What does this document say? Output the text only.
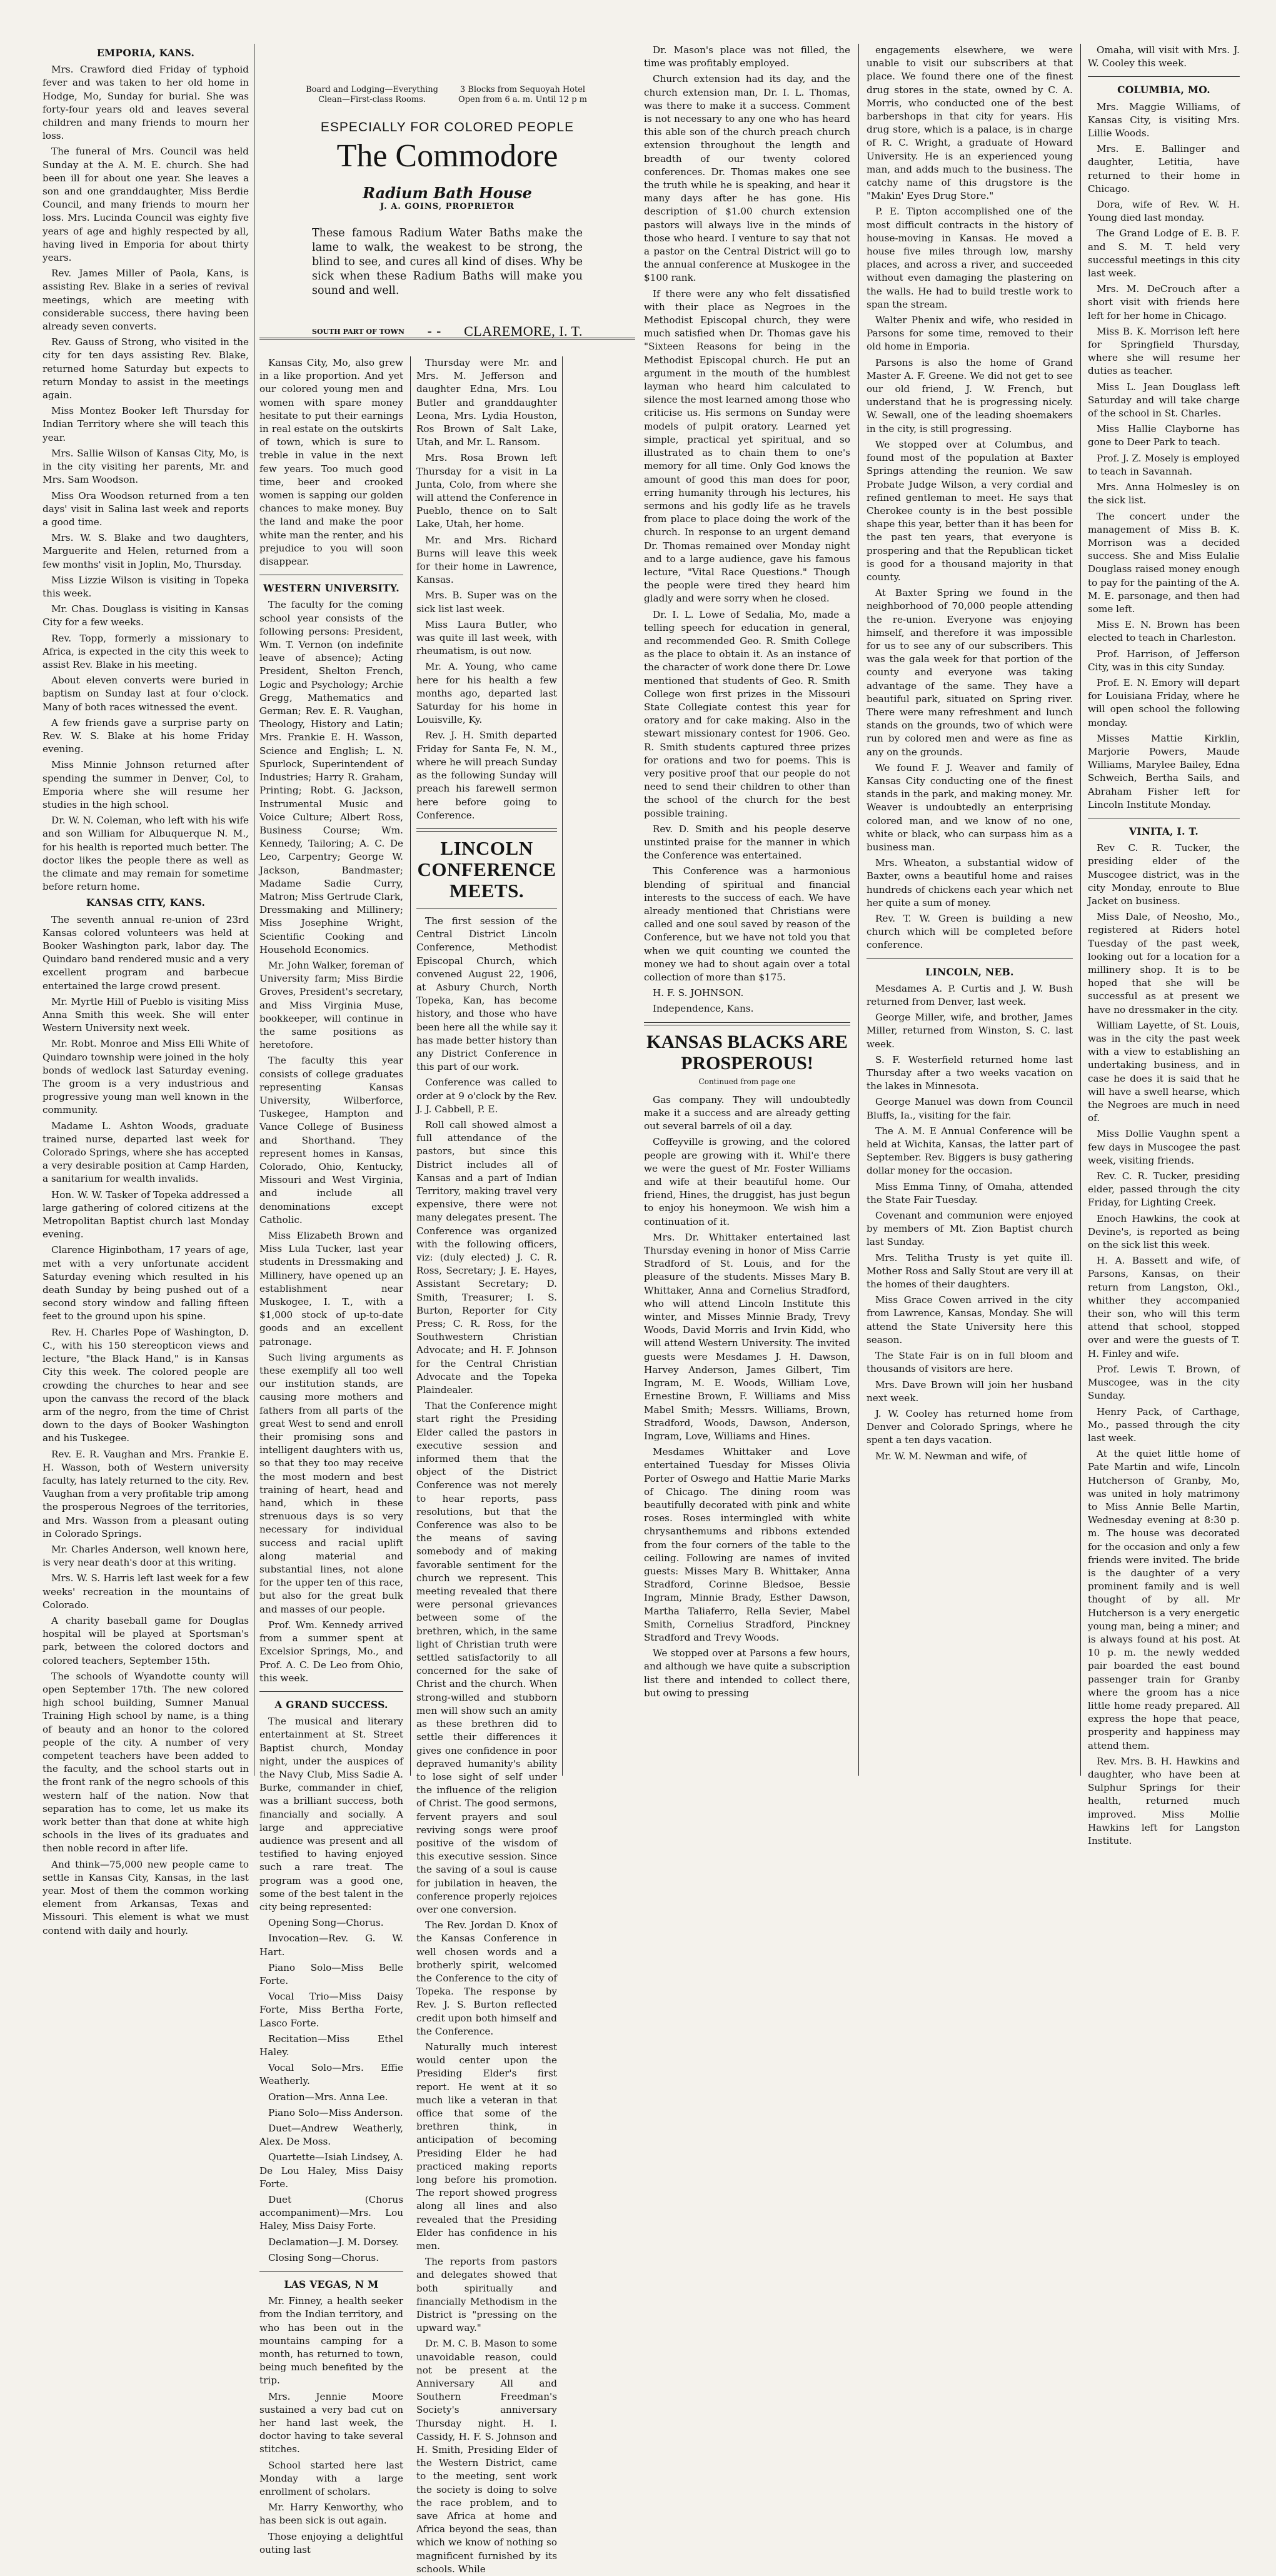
EMPORIA, KANS.

Mrs. Crawford died Friday of typhoid fever and was taken to her old home in Hodge, Mo, Sunday for burial. She was forty-four years old and leaves several children and many friends to mourn her loss.

The funeral of Mrs. Council was held Sunday at the A. M. E. church. She had been ill for about one year. She leaves a son and one granddaughter, Miss Berdie Council, and many friends to mourn her loss. Mrs. Lucinda Council was eighty five years of age and highly respected by all, having lived in Emporia for about thirty years.

Rev. James Miller of Paola, Kans, is assisting Rev. Blake in a series of revival meetings, which are meeting with considerable success, there having been already seven converts.

Rev. Gauss of Strong, who visited in the city for ten days assisting Rev. Blake, returned home Saturday but expects to return Monday to assist in the meetings again.

Miss Montez Booker left Thursday for Indian Territory where she will teach this year.

Mrs. Sallie Wilson of Kansas City, Mo, is in the city visiting her parents, Mr. and Mrs. Sam Woodson.

Miss Ora Woodson returned from a ten days' visit in Salina last week and reports a good time.

Mrs. W. S. Blake and two daughters, Marguerite and Helen, returned from a few months' visit in Joplin, Mo, Thursday.

Miss Lizzie Wilson is visiting in Topeka this week.

Mr. Chas. Douglass is visiting in Kansas City for a few weeks.

Rev. Topp, formerly a missionary to Africa, is expected in the city this week to assist Rev. Blake in his meeting.

About eleven converts were buried in baptism on Sunday last at four o'clock. Many of both races witnessed the event.

A few friends gave a surprise party on Rev. W. S. Blake at his home Friday evening.

Miss Minnie Johnson returned after spending the summer in Denver, Col, to Emporia where she will resume her studies in the high school.

Dr. W. N. Coleman, who left with his wife and son William for Albuquerque N. M., for his health is reported much better. The doctor likes the people there as well as the climate and may remain for sometime before return home.

KANSAS CITY, KANS.

The seventh annual re-union of 23rd Kansas colored volunteers was held at Booker Washington park, labor day. The Quindaro band rendered music and a very excellent program and barbecue entertained the large crowd present.

Mr. Myrtle Hill of Pueblo is visiting Miss Anna Smith this week. She will enter Western University next week.

Mr. Robt. Monroe and Miss Elli White of Quindaro township were joined in the holy bonds of wedlock last Saturday evening. The groom is a very industrious and progressive young man well known in the community.

Madame L. Ashton Woods, graduate trained nurse, departed last week for Colorado Springs, where she has accepted a very desirable position at Camp Harden, a sanitarium for wealth invalids.

Hon. W. W. Tasker of Topeka addressed a large gathering of colored citizens at the Metropolitan Baptist church last Monday evening.

Clarence Higinbotham, 17 years of age, met with a very unfortunate accident Saturday evening which resulted in his death Sunday by being pushed out of a second story window and falling fifteen feet to the ground upon his spine.

Rev. H. Charles Pope of Washington, D. C., with his 150 stereopticon views and lecture, "the Black Hand," is in Kansas City this week. The colored people are crowding the churches to hear and see upon the canvass the record of the black arm of the negro, from the time of Christ down to the days of Booker Washington and his Tuskegee.

Rev. E. R. Vaughan and Mrs. Frankie E. H. Wasson, both of Western university faculty, has lately returned to the city. Rev. Vaughan from a very profitable trip among the prosperous Negroes of the territories, and Mrs. Wasson from a pleasant outing in Colorado Springs.

Mr. Charles Anderson, well known here, is very near death's door at this writing.

Mrs. W. S. Harris left last week for a few weeks' recreation in the mountains of Colorado.

A charity baseball game for Douglas hospital will be played at Sportsman's park, between the colored doctors and colored teachers, September 15th.

The schools of Wyandotte county will open September 17th. The new colored high school building, Sumner Manual Training High school by name, is a thing of beauty and an honor to the colored people of the city. A number of very competent teachers have been added to the faculty, and the school starts out in the front rank of the negro schools of this western half of the nation. Now that separation has to come, let us make its work better than that done at white high schools in the lives of its graduates and then noble record in after life.

And think—75,000 new people came to settle in Kansas City, Kansas, in the last year. Most of them the common working element from Arkansas, Texas and Missouri. This element is what we must contend with daily and hourly.

Board and Lodging—Everything Clean—First-class Rooms.
3 Blocks from Sequoyah Hotel Open from 6 a. m. Until 12 p m
ESPECIALLY FOR COLORED PEOPLE
The Commodore
Radium Bath House
J. A. GOINS, PROPRIETOR
These famous Radium Water Baths make the lame to walk, the weakest to be strong, the blind to see, and cures all kind of dises. Why be sick when these Radium Baths will make you sound and well.
SOUTH PART OF TOWN - - CLAREMORE, I. T.

Kansas City, Mo, also grew in a like proportion. And yet our colored young men and women with spare money hesitate to put their earnings in real estate on the outskirts of town, which is sure to treble in value in the next few years. Too much good time, beer and crooked women is sapping our golden chances to make money. Buy the land and make the poor white man the renter, and his prejudice to you will soon disappear.

WESTERN UNIVERSITY.

The faculty for the coming school year consists of the following persons: President, Wm. T. Vernon (on indefinite leave of absence); Acting President, Shelton French, Logic and Psychology; Archie Gregg, Mathematics and German; Rev. E. R. Vaughan, Theology, History and Latin; Mrs. Frankie E. H. Wasson, Science and English; L. N. Spurlock, Superintendent of Industries; Harry R. Graham, Printing; Robt. G. Jackson, Instrumental Music and Voice Culture; Albert Ross, Business Course; Wm. Kennedy, Tailoring; A. C. De Leo, Carpentry; George W. Jackson, Bandmaster; Madame Sadie Curry, Matron; Miss Gertrude Clark, Dressmaking and Millinery; Miss Josephine Wright, Scientific Cooking and Household Economics.

Mr. John Walker, foreman of University farm; Miss Birdie Groves, President's secretary, and Miss Virginia Muse, bookkeeper, will continue in the same positions as heretofore.

The faculty this year consists of college graduates representing Kansas University, Wilberforce, Tuskegee, Hampton and Vance College of Business and Shorthand. They represent homes in Kansas, Colorado, Ohio, Kentucky, Missouri and West Virginia, and include all denominations except Catholic.

Miss Elizabeth Brown and Miss Lula Tucker, last year students in Dressmaking and Millinery, have opened up an establishment near Muskogee, I. T., with a $1,000 stock of up-to-date goods and an excellent patronage.

Such living arguments as these exemplify all too well our institution stands, are causing more mothers and fathers from all parts of the great West to send and enroll their promising sons and intelligent daughters with us, so that they too may receive the most modern and best training of heart, head and hand, which in these strenuous days is so very necessary for individual success and racial uplift along material and substantial lines, not alone for the upper ten of this race, but also for the great bulk and masses of our people.

Prof. Wm. Kennedy arrived from a summer spent at Excelsior Springs, Mo., and Prof. A. C. De Leo from Ohio, this week.

A GRAND SUCCESS.

The musical and literary entertainment at St. Street Baptist church, Monday night, under the auspices of the Navy Club, Miss Sadie A. Burke, commander in chief, was a brilliant success, both financially and socially. A large and appreciative audience was present and all testified to having enjoyed such a rare treat. The program was a good one, some of the best talent in the city being represented:

Opening Song—Chorus.

Invocation—Rev. G. W. Hart.

Piano Solo—Miss Belle Forte.

Vocal Trio—Miss Daisy Forte, Miss Bertha Forte, Lasco Forte.

Recitation—Miss Ethel Haley.

Vocal Solo—Mrs. Effie Weatherly.

Oration—Mrs. Anna Lee.

Piano Solo—Miss Anderson.

Duet—Andrew Weatherly, Alex. De Moss.

Quartette—Isiah Lindsey, A. De Lou Haley, Miss Daisy Forte.

Duet (Chorus accompaniment)—Mrs. Lou Haley, Miss Daisy Forte.

Declamation—J. M. Dorsey.

Closing Song—Chorus.

LAS VEGAS, N M

Mr. Finney, a health seeker from the Indian territory, and who has been out in the mountains camping for a month, has returned to town, being much benefited by the trip.

Mrs. Jennie Moore sustained a very bad cut on her hand last week, the doctor having to take several stitches.

School started here last Monday with a large enrollment of scholars.

Mr. Harry Kenworthy, who has been sick is out again.

Those enjoying a delightful outing last

Thursday were Mr. and Mrs. M. Jefferson and daughter Edna, Mrs. Lou Butler and granddaughter Leona, Mrs. Lydia Houston, Ros Brown of Salt Lake, Utah, and Mr. L. Ransom.

Mrs. Rosa Brown left Thursday for a visit in La Junta, Colo, from where she will attend the Conference in Pueblo, thence on to Salt Lake, Utah, her home.

Mr. and Mrs. Richard Burns will leave this week for their home in Lawrence, Kansas.

Mrs. B. Super was on the sick list last week.

Miss Laura Butler, who was quite ill last week, with rheumatism, is out now.

Mr. A. Young, who came here for his health a few months ago, departed last Saturday for his home in Louisville, Ky.

Rev. J. H. Smith departed Friday for Santa Fe, N. M., where he will preach Sunday as the following Sunday will preach his farewell sermon here before going to Conference.

LINCOLN CONFERENCE MEETS.

The first session of the Central District Lincoln Conference, Methodist Episcopal Church, which convened August 22, 1906, at Asbury Church, North Topeka, Kan, has become history, and those who have been here all the while say it has made better history than any District Conference in this part of our work.

Conference was called to order at 9 o'clock by the Rev. J. J. Cabbell, P. E.

Roll call showed almost a full attendance of the pastors, but since this District includes all of Kansas and a part of Indian Territory, making travel very expensive, there were not many delegates present. The Conference was organized with the following officers, viz: (duly elected) J. C. R. Ross, Secretary; J. E. Hayes, Assistant Secretary; D. Smith, Treasurer; I. S. Burton, Reporter for City Press; C. R. Ross, for the Southwestern Christian Advocate; and H. F. Johnson for the Central Christian Advocate and the Topeka Plaindealer.

That the Conference might start right the Presiding Elder called the pastors in executive session and informed them that the object of the District Conference was not merely to hear reports, pass resolutions, but that the Conference was also to be the means of saving somebody and of making favorable sentiment for the church we represent. This meeting revealed that there were personal grievances between some of the brethren, which, in the same light of Christian truth were settled satisfactorily to all concerned for the sake of Christ and the church. When strong-willed and stubborn men will show such an amity as these brethren did to settle their differences it gives one confidence in poor depraved humanity's ability to lose sight of self under the influence of the religion of Christ. The good sermons, fervent prayers and soul reviving songs were proof positive of the wisdom of this executive session. Since the saving of a soul is cause for jubilation in heaven, the conference properly rejoices over one conversion.

The Rev. Jordan D. Knox of the Kansas Conference in well chosen words and a brotherly spirit, welcomed the Conference to the city of Topeka. The response by Rev. J. S. Burton reflected credit upon both himself and the Conference.

Naturally much interest would center upon the Presiding Elder's first report. He went at it so much like a veteran in that office that some of the brethren think, in anticipation of becoming Presiding Elder he had practiced making reports long before his promotion. The report showed progress along all lines and also revealed that the Presiding Elder has confidence in his men.

The reports from pastors and delegates showed that both spiritually and financially Methodism in the District is "pressing on the upward way."

Dr. M. C. B. Mason to some unavoidable reason, could not be present at the Anniversary All and Southern Freedman's Society's anniversary Thursday night. H. I. Cassidy, H. F. S. Johnson and H. Smith, Presiding Elder of the Western District, came to the meeting, sent work the society is doing to solve the race problem, and to save Africa at home and Africa beyond the seas, than which we know of nothing so magnificent furnished by its schools. While

Dr. Mason's place was not filled, the time was profitably employed.

Church extension had its day, and the church extension man, Dr. I. L. Thomas, was there to make it a success. Comment is not necessary to any one who has heard this able son of the church preach church extension throughout the length and breadth of our twenty colored conferences. Dr. Thomas makes one see the truth while he is speaking, and hear it many days after he has gone. His description of $1.00 church extension pastors will always live in the minds of those who heard. I venture to say that not a pastor on the Central District will go to the annual conference at Muskogee in the $100 rank.

If there were any who felt dissatisfied with their place as Negroes in the Methodist Episcopal church, they were much satisfied when Dr. Thomas gave his "Sixteen Reasons for being in the Methodist Episcopal church. He put an argument in the mouth of the humblest layman who heard him calculated to silence the most learned among those who criticise us. His sermons on Sunday were models of pulpit oratory. Learned yet simple, practical yet spiritual, and so illustrated as to chain them to one's memory for all time. Only God knows the amount of good this man does for poor, erring humanity through his lectures, his sermons and his godly life as he travels from place to place doing the work of the church. In response to an urgent demand Dr. Thomas remained over Monday night and to a large audience, gave his famous lecture, "Vital Race Questions." Though the people were tired they heard him gladly and were sorry when he closed.

Dr. I. L. Lowe of Sedalia, Mo, made a telling speech for education in general, and recommended Geo. R. Smith College as the place to obtain it. As an instance of the character of work done there Dr. Lowe mentioned that students of Geo. R. Smith College won first prizes in the Missouri State Collegiate contest this year for oratory and for cake making. Also in the stewart missionary contest for 1906. Geo. R. Smith students captured three prizes for orations and two for poems. This is very positive proof that our people do not need to send their children to other than the school of the church for the best possible training.

Rev. D. Smith and his people deserve unstinted praise for the manner in which the Conference was entertained.

This Conference was a harmonious blending of spiritual and financial interests to the success of each. We have already mentioned that Christians were called and one soul saved by reason of the Conference, but we have not told you that when we quit counting we counted the money we had to shout again over a total collection of more than $175.

H. F. S. JOHNSON.

Independence, Kans.

KANSAS BLACKS ARE PROSPEROUS!
Continued from page one

Gas company. They will undoubtedly make it a success and are already getting out several barrels of oil a day.

Coffeyville is growing, and the colored people are growing with it. Whil'e there we were the guest of Mr. Foster Williams and wife at their beautiful home. Our friend, Hines, the druggist, has just begun to enjoy his honeymoon. We wish him a continuation of it.

Mrs. Dr. Whittaker entertained last Thursday evening in honor of Miss Carrie Stradford of St. Louis, and for the pleasure of the students. Misses Mary B. Whittaker, Anna and Cornelius Stradford, who will attend Lincoln Institute this winter, and Misses Minnie Brady, Trevy Woods, David Morris and Irvin Kidd, who will attend Western University. The invited guests were Mesdames J. H. Dawson, Harvey Anderson, James Gilbert, Tim Ingram, M. E. Woods, William Love, Ernestine Brown, F. Williams and Miss Mabel Smith; Messrs. Williams, Brown, Stradford, Woods, Dawson, Anderson, Ingram, Love, Williams and Hines.

Mesdames Whittaker and Love entertained Tuesday for Misses Olivia Porter of Oswego and Hattie Marie Marks of Chicago. The dining room was beautifully decorated with pink and white roses. Roses intermingled with white chrysanthemums and ribbons extended from the four corners of the table to the ceiling. Following are names of invited guests: Misses Mary B. Whittaker, Anna Stradford, Corinne Bledsoe, Bessie Ingram, Minnie Brady, Esther Dawson, Martha Taliaferro, Rella Sevier, Mabel Smith, Cornelius Stradford, Pinckney Stradford and Trevy Woods.

We stopped over at Parsons a few hours, and although we have quite a subscription list there and intended to collect there, but owing to pressing

engagements elsewhere, we were unable to visit our subscribers at that place. We found there one of the finest drug stores in the state, owned by C. A. Morris, who conducted one of the best barbershops in that city for years. His drug store, which is a palace, is in charge of R. C. Wright, a graduate of Howard University. He is an experienced young man, and adds much to the business. The catchy name of this drugstore is the "Makin' Eyes Drug Store."

P. E. Tipton accomplished one of the most difficult contracts in the history of house-moving in Kansas. He moved a house five miles through low, marshy places, and across a river, and succeeded without even damaging the plastering on the walls. He had to build trestle work to span the stream.

Walter Phenix and wife, who resided in Parsons for some time, removed to their old home in Emporia.

Parsons is also the home of Grand Master A. F. Greene. We did not get to see our old friend, J. W. French, but understand that he is progressing nicely. W. Sewall, one of the leading shoemakers in the city, is still progressing.

We stopped over at Columbus, and found most of the population at Baxter Springs attending the reunion. We saw Probate Judge Wilson, a very cordial and refined gentleman to meet. He says that Cherokee county is in the best possible shape this year, better than it has been for the past ten years, that everyone is prospering and that the Republican ticket is good for a thousand majority in that county.

At Baxter Spring we found in the neighborhood of 70,000 people attending the re-union. Everyone was enjoying himself, and therefore it was impossible for us to see any of our subscribers. This was the gala week for that portion of the county and everyone was taking advantage of the same. They have a beautiful park, situated on Spring river. There were many refreshment and lunch stands on the grounds, two of which were run by colored men and were as fine as any on the grounds.

We found F. J. Weaver and family of Kansas City conducting one of the finest stands in the park, and making money. Mr. Weaver is undoubtedly an enterprising colored man, and we know of no one, white or black, who can surpass him as a business man.

Mrs. Wheaton, a substantial widow of Baxter, owns a beautiful home and raises hundreds of chickens each year which net her quite a sum of money.

Rev. T. W. Green is building a new church which will be completed before conference.

LINCOLN, NEB.

Mesdames A. P. Curtis and J. W. Bush returned from Denver, last week.

George Miller, wife, and brother, James Miller, returned from Winston, S. C. last week.

S. F. Westerfield returned home last Thursday after a two weeks vacation on the lakes in Minnesota.

George Manuel was down from Council Bluffs, Ia., visiting for the fair.

The A. M. E Annual Conference will be held at Wichita, Kansas, the latter part of September. Rev. Biggers is busy gathering dollar money for the occasion.

Miss Emma Tinny, of Omaha, attended the State Fair Tuesday.

Covenant and communion were enjoyed by members of Mt. Zion Baptist church last Sunday.

Mrs. Telitha Trusty is yet quite ill. Mother Ross and Sally Stout are very ill at the homes of their daughters.

Miss Grace Cowen arrived in the city from Lawrence, Kansas, Monday. She will attend the State University here this season.

The State Fair is on in full bloom and thousands of visitors are here.

Mrs. Dave Brown will join her husband next week.

J. W. Cooley has returned home from Denver and Colorado Springs, where he spent a ten days vacation.

Mr. W. M. Newman and wife, of

Omaha, will visit with Mrs. J. W. Cooley this week.

COLUMBIA, MO.

Mrs. Maggie Williams, of Kansas City, is visiting Mrs. Lillie Woods.

Mrs. E. Ballinger and daughter, Letitia, have returned to their home in Chicago.

Dora, wife of Rev. W. H. Young died last monday.

The Grand Lodge of E. B. F. and S. M. T. held very successful meetings in this city last week.

Mrs. M. DeCrouch after a short visit with friends here left for her home in Chicago.

Miss B. K. Morrison left here for Springfield Thursday, where she will resume her duties as teacher.

Miss L. Jean Douglass left Saturday and will take charge of the school in St. Charles.

Miss Hallie Clayborne has gone to Deer Park to teach.

Prof. J. Z. Mosely is employed to teach in Savannah.

Mrs. Anna Holmesley is on the sick list.

The concert under the management of Miss B. K. Morrison was a decided success. She and Miss Eulalie Douglass raised money enough to pay for the painting of the A. M. E. parsonage, and then had some left.

Miss E. N. Brown has been elected to teach in Charleston.

Prof. Harrison, of Jefferson City, was in this city Sunday.

Prof. E. N. Emory will depart for Louisiana Friday, where he will open school the following monday.

Misses Mattie Kirklin, Marjorie Powers, Maude Williams, Marylee Bailey, Edna Schweich, Bertha Sails, and Abraham Fisher left for Lincoln Institute Monday.

VINITA, I. T.

Rev C. R. Tucker, the presiding elder of the Muscogee district, was in the city Monday, enroute to Blue Jacket on business.

Miss Dale, of Neosho, Mo., registered at Riders hotel Tuesday of the past week, looking out for a location for a millinery shop. It is to be hoped that she will be successful as at present we have no dressmaker in the city.

William Layette, of St. Louis, was in the city the past week with a view to establishing an undertaking business, and in case he does it is said that he will have a swell hearse, which the Negroes are much in need of.

Miss Dollie Vaughn spent a few days in Muscogee the past week, visiting friends.

Rev. C. R. Tucker, presiding elder, passed through the city Friday, for Lighting Creek.

Enoch Hawkins, the cook at Devine's, is reported as being on the sick list this week.

H. A. Bassett and wife, of Parsons, Kansas, on their return from Langston, Okl., whither they accompanied their son, who will this term attend that school, stopped over and were the guests of T. H. Finley and wife.

Prof. Lewis T. Brown, of Muscogee, was in the city Sunday.

Henry Pack, of Carthage, Mo., passed through the city last week.

At the quiet little home of Pate Martin and wife, Lincoln Hutcherson of Granby, Mo, was united in holy matrimony to Miss Annie Belle Martin, Wednesday evening at 8:30 p. m. The house was decorated for the occasion and only a few friends were invited. The bride is the daughter of a very prominent family and is well thought of by all. Mr Hutcherson is a very energetic young man, being a miner; and is always found at his post. At 10 p. m. the newly wedded pair boarded the east bound passenger train for Granby where the groom has a nice little home ready prepared. All express the hope that peace, prosperity and happiness may attend them.

Rev. Mrs. B. H. Hawkins and daughter, who have been at Sulphur Springs for their health, returned much improved. Miss Mollie Hawkins left for Langston Institute.
